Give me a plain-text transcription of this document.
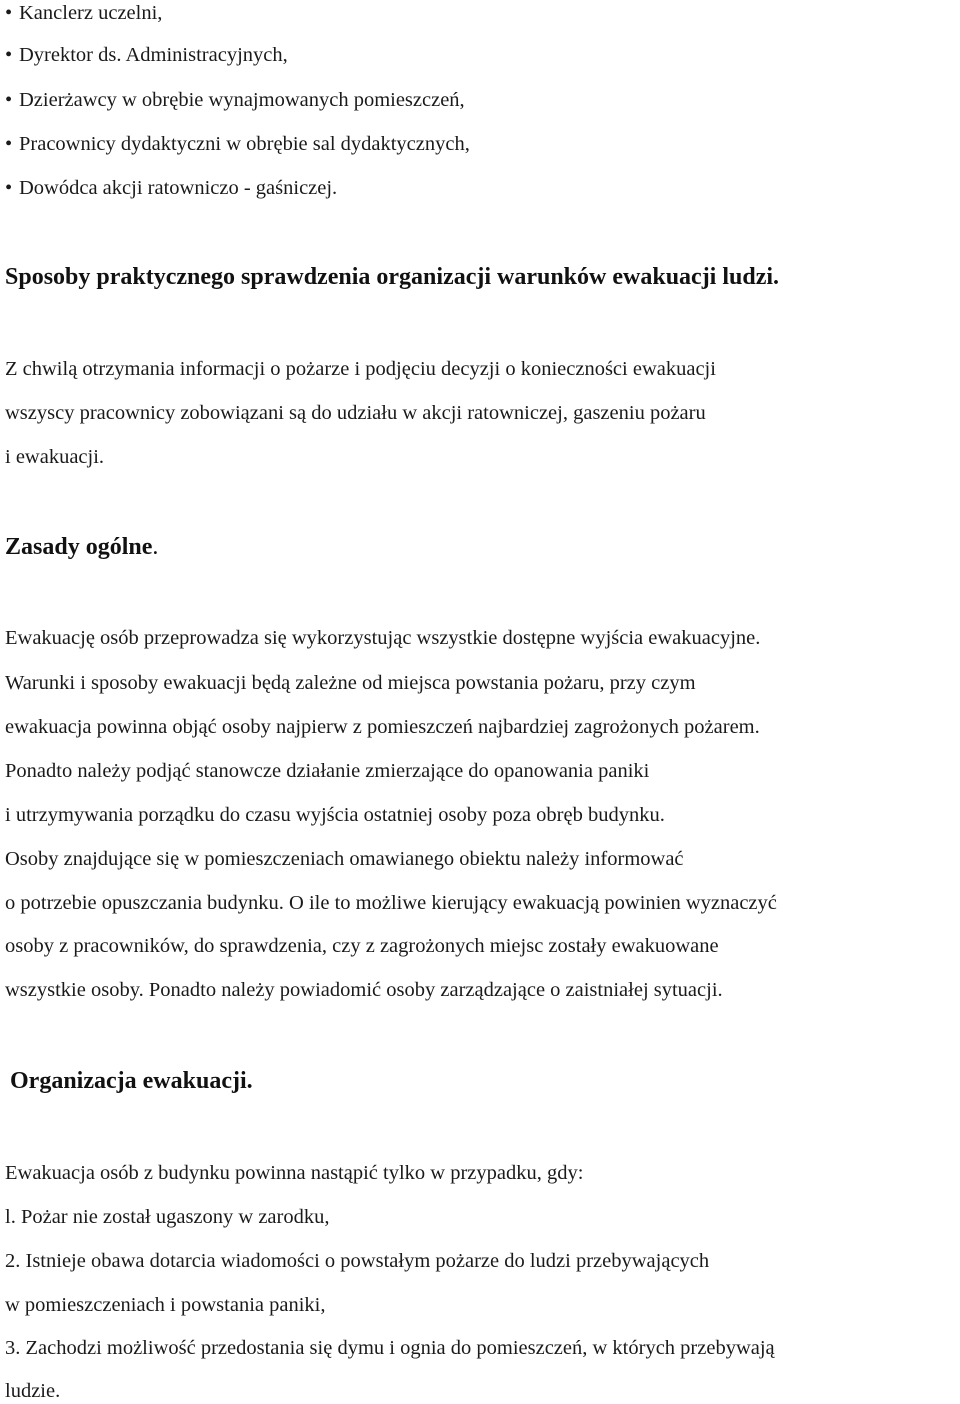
• Kanclerz uczelni,

• Dyrektor ds. Administracyjnych,

• Dzierżawcy w obrębie wynajmowanych pomieszczeń,

• Pracownicy dydaktyczni w obrębie sal dydaktycznych,

• Dowódca akcji ratowniczo - gaśniczej.

Sposoby praktycznego sprawdzenia organizacji warunków ewakuacji ludzi.

Z chwilą otrzymania informacji o pożarze i podjęciu decyzji o konieczności ewakuacji

wszyscy pracownicy zobowiązani są do udziału w akcji ratowniczej, gaszeniu pożaru

i ewakuacji.

Zasady ogólne.

Ewakuację osób przeprowadza się wykorzystując wszystkie dostępne wyjścia ewakuacyjne.

Warunki i sposoby ewakuacji będą zależne od miejsca powstania pożaru, przy czym

ewakuacja powinna objąć osoby najpierw z pomieszczeń najbardziej zagrożonych pożarem.

Ponadto należy podjąć stanowcze działanie zmierzające do opanowania paniki

i utrzymywania porządku do czasu wyjścia ostatniej osoby poza obręb budynku.

Osoby znajdujące się w pomieszczeniach omawianego obiektu należy informować

o potrzebie opuszczania budynku. O ile to możliwe kierujący ewakuacją powinien wyznaczyć

osoby z pracowników, do sprawdzenia, czy z zagrożonych miejsc zostały ewakuowane

wszystkie osoby. Ponadto należy powiadomić osoby zarządzające o zaistniałej sytuacji.

Organizacja ewakuacji.

Ewakuacja osób z budynku powinna nastąpić tylko w przypadku, gdy:

l. Pożar nie został ugaszony w zarodku,

2. Istnieje obawa dotarcia wiadomości o powstałym pożarze do ludzi przebywających

w pomieszczeniach i powstania paniki,

3. Zachodzi możliwość przedostania się dymu i ognia do pomieszczeń, w których przebywają

ludzie.
